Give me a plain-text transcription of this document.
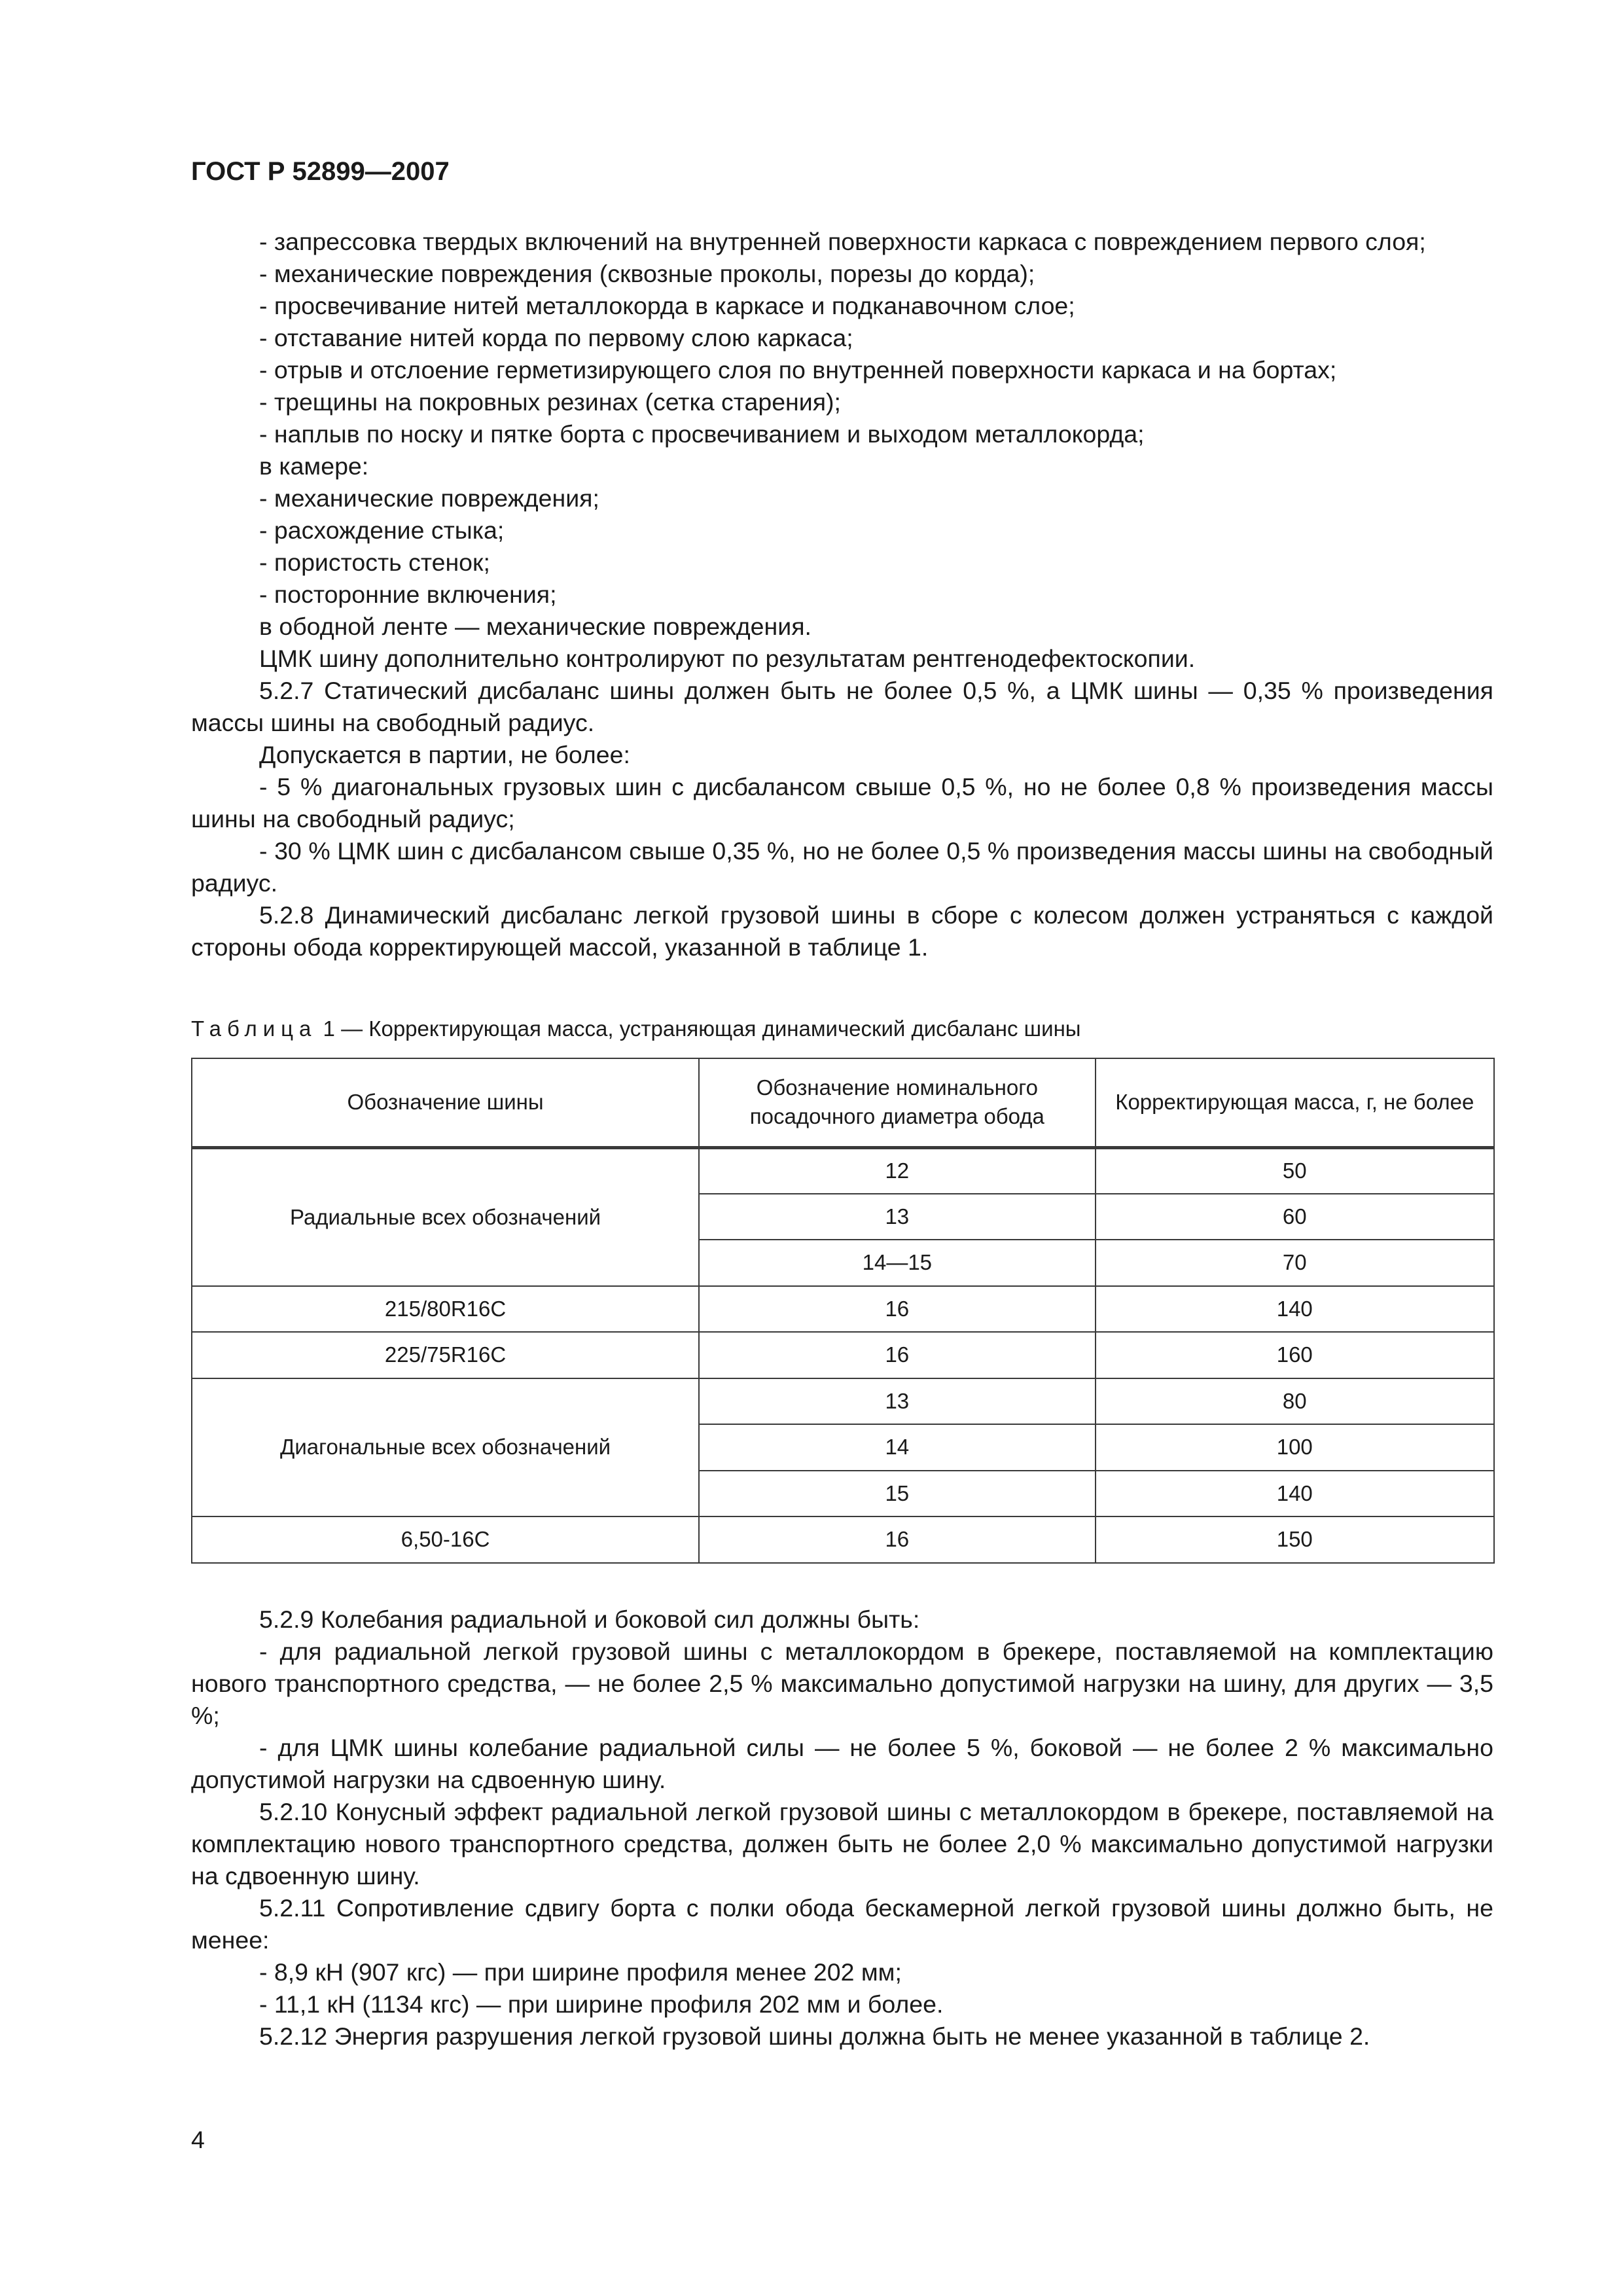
ГОСТ Р 52899—2007

- запрессовка твердых включений на внутренней поверхности каркаса с повреждением первого слоя;

- механические повреждения (сквозные проколы, порезы до корда);

- просвечивание нитей металлокорда в каркасе и подканавочном слое;

- отставание нитей корда по первому слою каркаса;

- отрыв и отслоение герметизирующего слоя по внутренней поверхности каркаса и на бортах;

- трещины на покровных резинах (сетка старения);

- наплыв по носку и пятке борта с просвечиванием и выходом металлокорда;

в камере:

- механические повреждения;

- расхождение стыка;

- пористость стенок;

- посторонние включения;

в ободной ленте — механические повреждения.

ЦМК шину дополнительно контролируют по результатам рентгенодефектоскопии.

5.2.7 Статический дисбаланс шины должен быть не более 0,5 %, а ЦМК шины — 0,35 % произведения массы шины на свободный радиус.

Допускается в партии, не более:

- 5 % диагональных грузовых шин с дисбалансом свыше 0,5 %, но не более 0,8 % произведения массы шины на свободный радиус;

- 30 % ЦМК шин с дисбалансом свыше 0,35 %, но не более 0,5 % произведения массы шины на свободный радиус.

5.2.8 Динамический дисбаланс легкой грузовой шины в сборе с колесом должен устраняться с каждой стороны обода корректирующей массой, указанной в таблице 1.

Таблица 1 — Корректирующая масса, устраняющая динамический дисбаланс шины
Обозначение шины	Обозначение номинального посадочного диаметра обода	Корректирующая масса, г, не более
Радиальные всех обозначений	12	50
	13	60
	14—15	70
215/80R16C	16	140
225/75R16C	16	160
Диагональные всех обозначений	13	80
	14	100
	15	140
6,50-16C	16	150

5.2.9 Колебания радиальной и боковой сил должны быть:

- для радиальной легкой грузовой шины с металлокордом в брекере, поставляемой на комплектацию нового транспортного средства, — не более 2,5 % максимально допустимой нагрузки на шину, для других — 3,5 %;

- для ЦМК шины колебание радиальной силы — не более 5 %, боковой — не более 2 % максимально допустимой нагрузки на сдвоенную шину.

5.2.10 Конусный эффект радиальной легкой грузовой шины с металлокордом в брекере, поставляемой на комплектацию нового транспортного средства, должен быть не более 2,0 % максимально допустимой нагрузки на сдвоенную шину.

5.2.11 Сопротивление сдвигу борта с полки обода бескамерной легкой грузовой шины должно быть, не менее:

- 8,9 кН (907 кгс) — при ширине профиля менее 202 мм;

- 11,1 кН (1134 кгс) — при ширине профиля 202 мм и более.

5.2.12 Энергия разрушения легкой грузовой шины должна быть не менее указанной в таблице 2.

4
